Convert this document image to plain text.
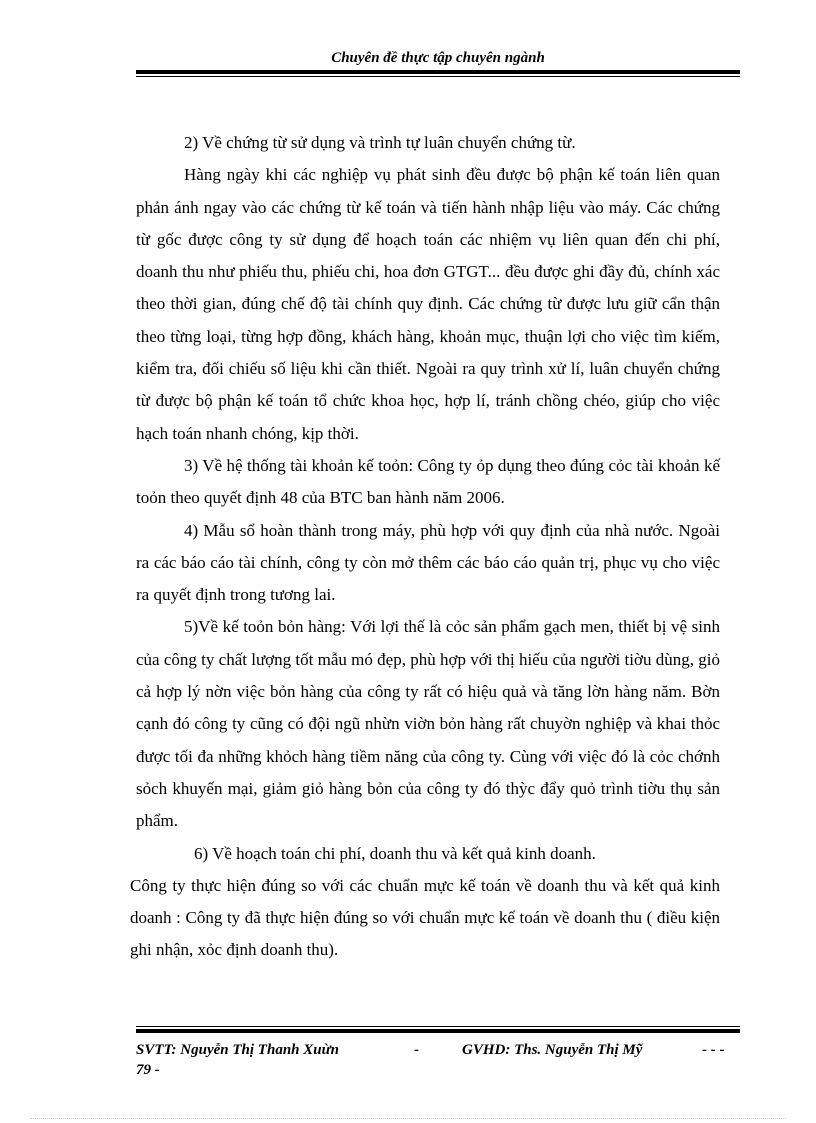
Chuyên đề thực tập chuyên ngành

2) Về chứng từ sử dụng và trình tự luân chuyển chứng từ.

Hàng ngày khi các nghiệp vụ phát sinh đều được bộ phận kế toán liên quan phản ánh ngay vào các chứng từ kế toán và tiến hành nhập liệu vào máy. Các chứng từ gốc được công ty sử dụng để hoạch toán các nhiệm vụ liên quan đến chi phí, doanh thu như phiếu thu, phiếu chi, hoa đơn GTGT... đều được ghi đầy đủ, chính xác theo thời gian, đúng chế độ tài chính quy định. Các chứng từ được lưu giữ cẩn thận theo từng loại, từng hợp đồng, khách hàng, khoản mục, thuận lợi cho việc tìm kiếm, kiểm tra, đối chiếu số liệu khi cần thiết. Ngoài ra quy trình xử lí, luân chuyển chứng từ được bộ phận kế toán tổ chức khoa học, hợp lí, tránh chồng chéo, giúp cho việc hạch toán nhanh chóng, kịp thời.

3) Về hệ thống tài khoản kế toỏn: Công ty ỏp dụng theo đúng cỏc tài khoản kế toỏn theo quyết định 48 của BTC ban hành năm 2006.

4) Mẫu sổ hoàn thành trong máy, phù hợp với quy định của nhà nước. Ngoài ra các báo cáo tài chính, công ty còn mở thêm các báo cáo quản trị, phục vụ cho việc ra quyết định trong tương lai.

5)Về kế toỏn bỏn hàng: Với lợi thế là cỏc sản phẩm gạch men, thiết bị vệ sinh của công ty chất lượng tốt mẫu mó đẹp, phù hợp với thị hiếu của người tiờu dùng, giỏ cả hợp lý nờn việc bỏn hàng của công ty rất có hiệu quả và tăng lờn hàng năm. Bờn cạnh đó công ty cũng có đội ngũ nhừn viờn bỏn hàng rất chuyờn nghiệp và khai thỏc được tối đa những khỏch hàng tiềm năng của công ty. Cùng với việc đó là cỏc chớnh sỏch khuyến mại, giảm giỏ hàng bỏn của công ty đó thỳc đẩy quỏ trình tiờu thụ sản phẩm.

6) Về hoạch toán chi phí, doanh thu và kết quả kinh doanh.

Công ty thực hiện đúng so với các chuẩn mực kế toán về doanh thu và kết quả kinh doanh : Công ty đã thực hiện đúng so với chuẩn mực kế toán về doanh thu ( điều kiện ghi nhận, xỏc định doanh thu).

SVTT: Nguyễn Thị Thanh Xuừn	-	GVHD: Ths. Nguyễn Thị Mỹ	- - -
79 -
